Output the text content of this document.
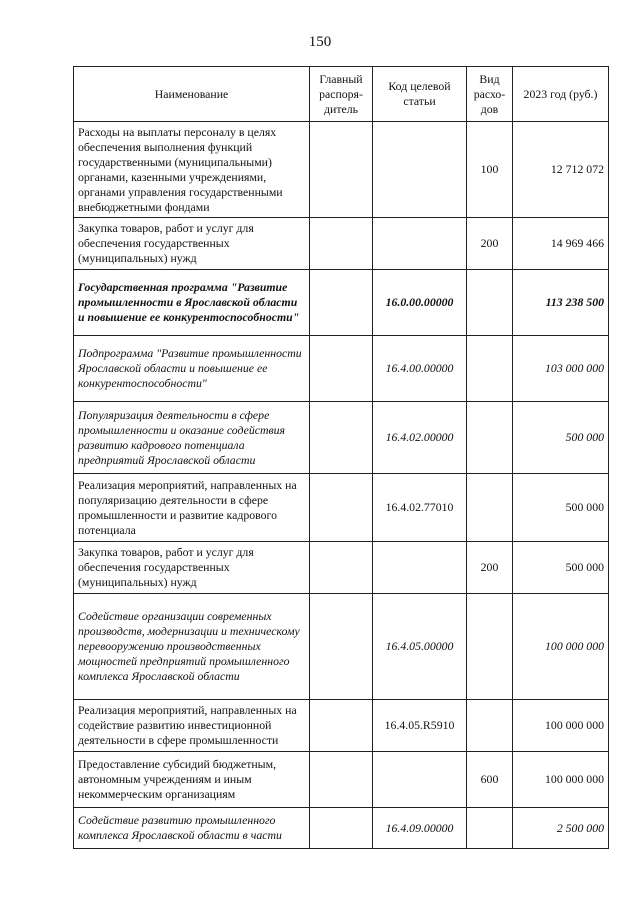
150
Наименование	Главный распоря-дитель	Код целевой статьи	Вид расхо-дов	2023 год (руб.)
Расходы на выплаты персоналу в целях обеспечения выполнения функций государственными (муниципальными) органами, казенными учреждениями, органами управления государственными внебюджетными фондами			100	12 712 072
Закупка товаров, работ и услуг для обеспечения государственных (муниципальных) нужд			200	14 969 466
Государственная программа "Развитие промышленности в Ярославской области и повышение ее конкурентоспособности"		16.0.00.00000		113 238 500
Подпрограмма "Развитие промышленности Ярославской области и повышение ее конкурентоспособности"		16.4.00.00000		103 000 000
Популяризация деятельности в сфере промышленности и оказание содействия развитию кадрового потенциала предприятий Ярославской области		16.4.02.00000		500 000
Реализация мероприятий, направленных на популяризацию деятельности в сфере промышленности и развитие кадрового потенциала		16.4.02.77010		500 000
Закупка товаров, работ и услуг для обеспечения государственных (муниципальных) нужд			200	500 000
Содействие организации современных производств, модернизации и техническому перевооружению производственных мощностей предприятий промышленного комплекса Ярославской области		16.4.05.00000		100 000 000
Реализация мероприятий, направленных на содействие развитию инвестиционной деятельности в сфере промышленности		16.4.05.R5910		100 000 000
Предоставление субсидий бюджетным, автономным учреждениям и иным некоммерческим организациям			600	100 000 000
Содействие развитию промышленного комплекса Ярославской области в части		16.4.09.00000		2 500 000
